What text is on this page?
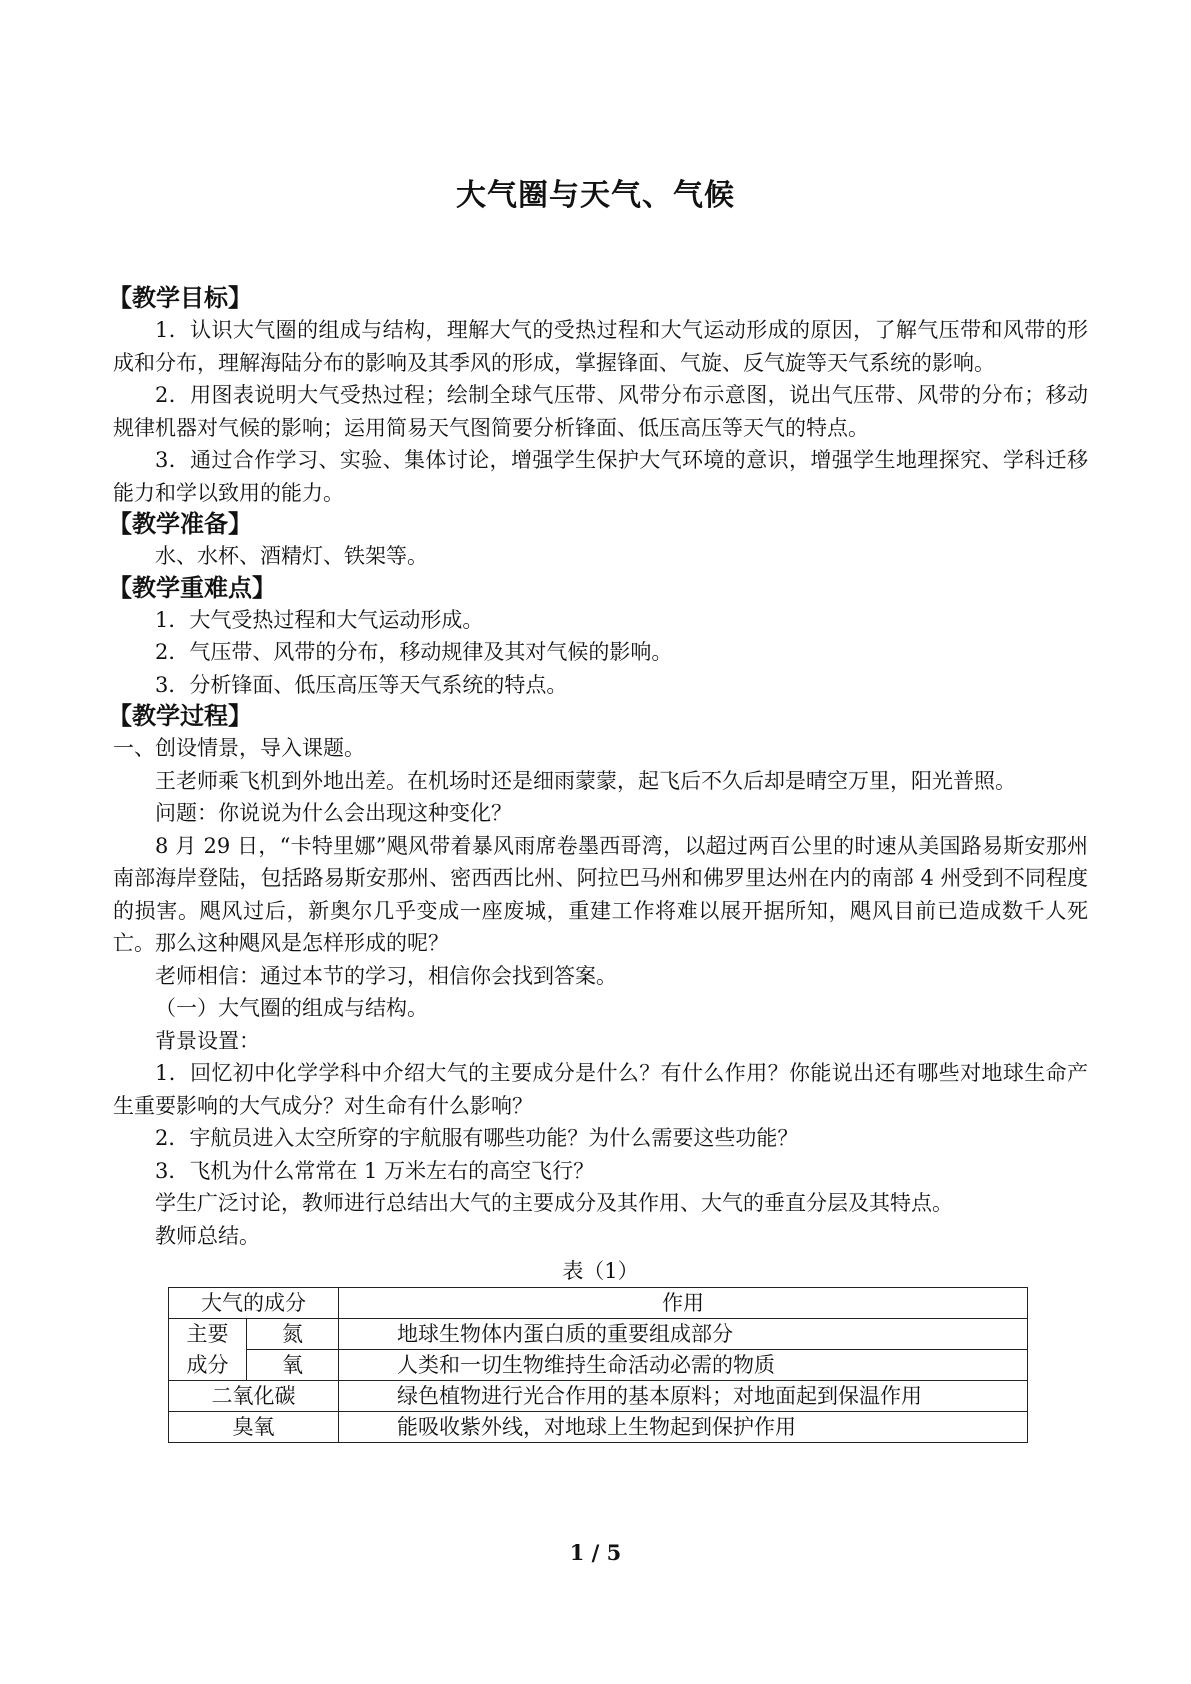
大气圈与天气、气候
【教学目标】

1．认识大气圈的组成与结构，理解大气的受热过程和大气运动形成的原因，了解气压带和风带的形成和分布，理解海陆分布的影响及其季风的形成，掌握锋面、气旋、反气旋等天气系统的影响。

2．用图表说明大气受热过程；绘制全球气压带、风带分布示意图，说出气压带、风带的分布；移动规律机器对气候的影响；运用简易天气图简要分析锋面、低压高压等天气的特点。

3．通过合作学习、实验、集体讨论，增强学生保护大气环境的意识，增强学生地理探究、学科迁移能力和学以致用的能力。

【教学准备】

水、水杯、酒精灯、铁架等。

【教学重难点】

1．大气受热过程和大气运动形成。

2．气压带、风带的分布，移动规律及其对气候的影响。

3．分析锋面、低压高压等天气系统的特点。

【教学过程】

一、创设情景，导入课题。

王老师乘飞机到外地出差。在机场时还是细雨蒙蒙，起飞后不久后却是晴空万里，阳光普照。

问题：你说说为什么会出现这种变化？

8 月 29 日，“卡特里娜”飓风带着暴风雨席卷墨西哥湾，以超过两百公里的时速从美国路易斯安那州南部海岸登陆，包括路易斯安那州、密西西比州、阿拉巴马州和佛罗里达州在内的南部 4 州受到不同程度的损害。飓风过后，新奥尔几乎变成一座废城，重建工作将难以展开据所知，飓风目前已造成数千人死亡。那么这种飓风是怎样形成的呢？

老师相信：通过本节的学习，相信你会找到答案。

（一）大气圈的组成与结构。

背景设置：

1．回忆初中化学学科中介绍大气的主要成分是什么？有什么作用？你能说出还有哪些对地球生命产生重要影响的大气成分？对生命有什么影响？

2．宇航员进入太空所穿的宇航服有哪些功能？为什么需要这些功能？

3．飞机为什么常常在 1 万米左右的高空飞行？

学生广泛讨论，教师进行总结出大气的主要成分及其作用、大气的垂直分层及其特点。

教师总结。

表（1）
大气的成分		作用
主要	氮	地球生物体内蛋白质的重要组成部分
成分	氧	人类和一切生物维持生命活动必需的物质
二氧化碳		绿色植物进行光合作用的基本原料；对地面起到保温作用
臭氧		能吸收紫外线，对地球上生物起到保护作用
1 / 5
